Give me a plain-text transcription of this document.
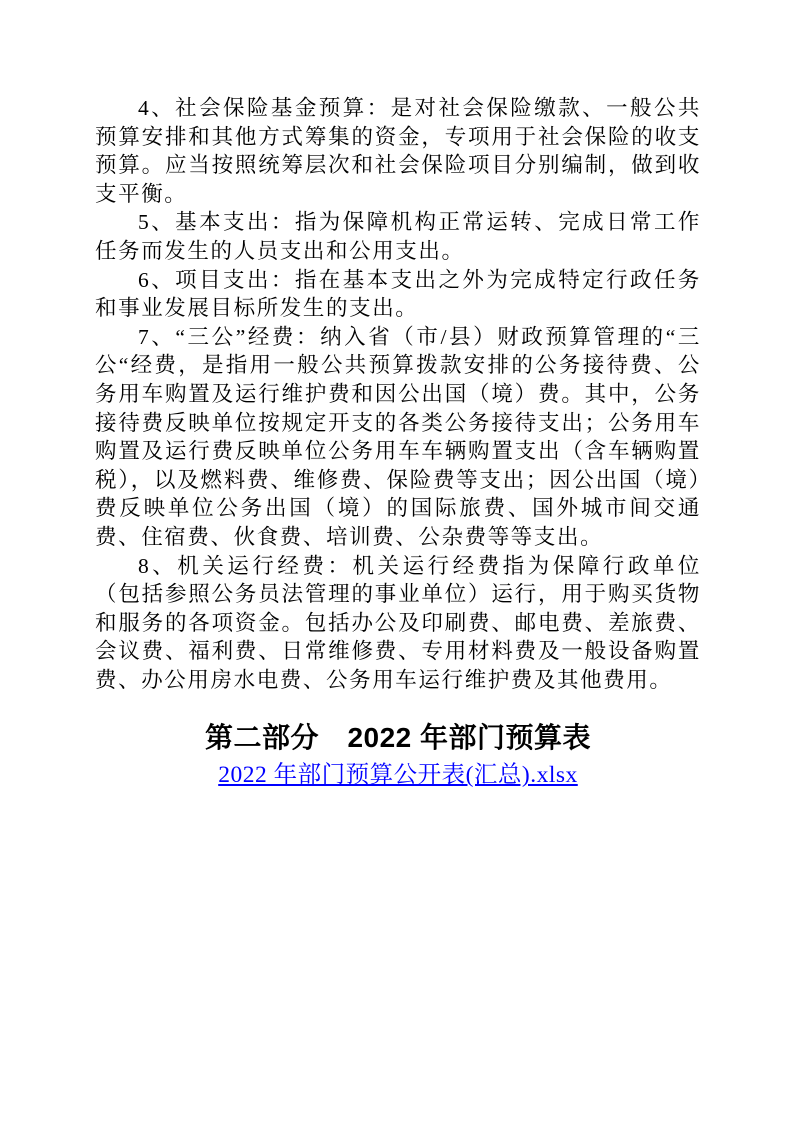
4、社会保险基金预算：是对社会保险缴款、一般公共预算安排和其他方式筹集的资金，专项用于社会保险的收支预算。应当按照统筹层次和社会保险项目分别编制，做到收支平衡。

5、基本支出：指为保障机构正常运转、完成日常工作任务而发生的人员支出和公用支出。

6、项目支出：指在基本支出之外为完成特定行政任务和事业发展目标所发生的支出。

7、“三公”经费：纳入省（市/县）财政预算管理的“三公“经费，是指用一般公共预算拨款安排的公务接待费、公务用车购置及运行维护费和因公出国（境）费。其中，公务接待费反映单位按规定开支的各类公务接待支出；公务用车购置及运行费反映单位公务用车车辆购置支出（含车辆购置税），以及燃料费、维修费、保险费等支出；因公出国（境）费反映单位公务出国（境）的国际旅费、国外城市间交通费、住宿费、伙食费、培训费、公杂费等等支出。

8、机关运行经费：机关运行经费指为保障行政单位（包括参照公务员法管理的事业单位）运行，用于购买货物和服务的各项资金。包括办公及印刷费、邮电费、差旅费、会议费、福利费、日常维修费、专用材料费及一般设备购置费、办公用房水电费、公务用车运行维护费及其他费用。

第二部分　2022 年部门预算表
2022 年部门预算公开表(汇总).xlsx
